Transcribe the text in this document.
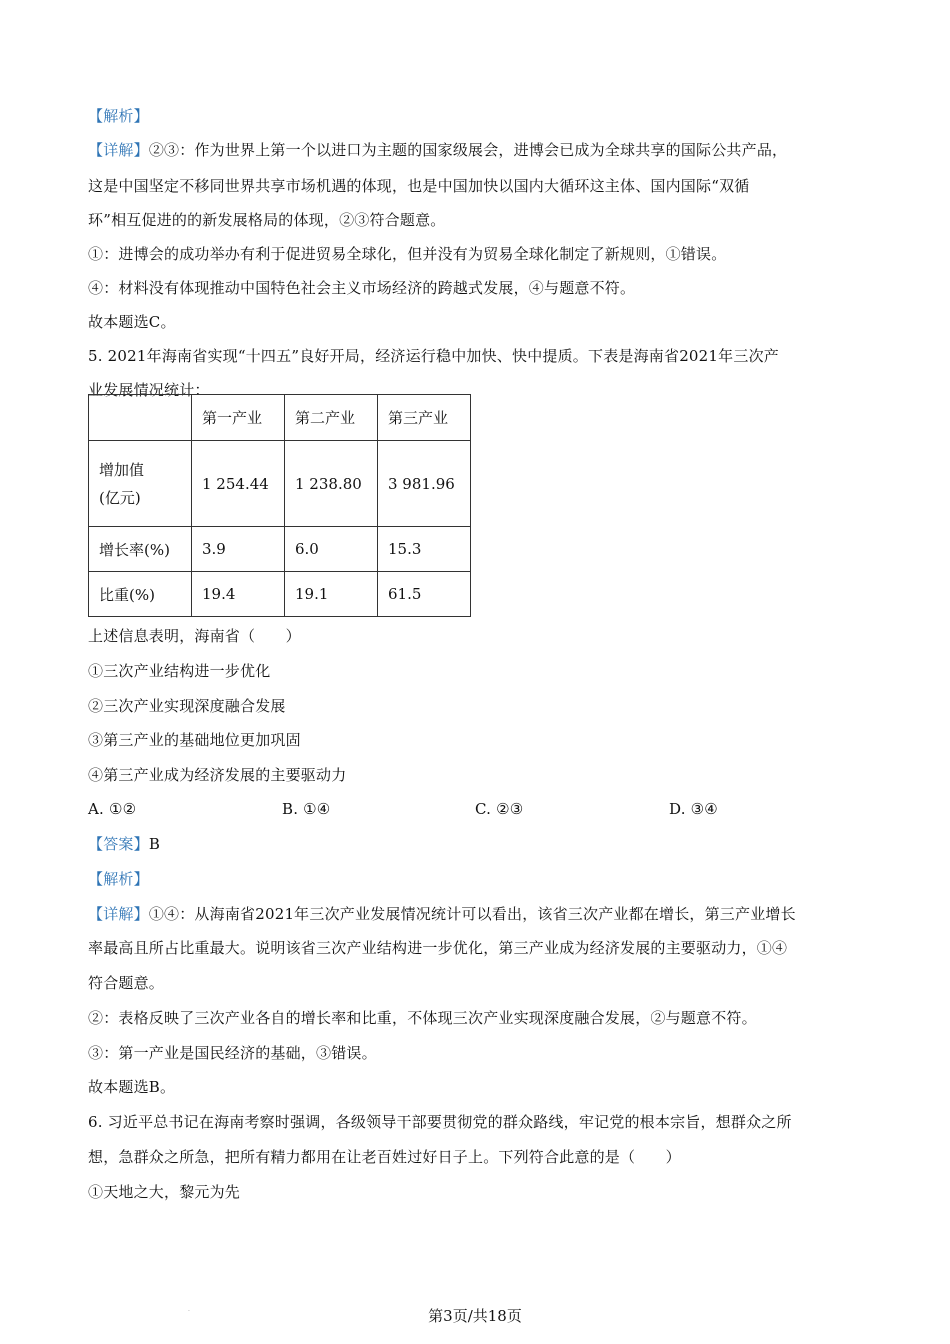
【解析】
【详解】②③：作为世界上第一个以进口为主题的国家级展会，进博会已成为全球共享的国际公共产品，
这是中国坚定不移同世界共享市场机遇的体现，也是中国加快以国内大循环这主体、国内国际“双循
环”相互促进的的新发展格局的体现，②③符合题意。
①：进博会的成功举办有利于促进贸易全球化，但并没有为贸易全球化制定了新规则，①错误。
④：材料没有体现推动中国特色社会主义市场经济的跨越式发展，④与题意不符。
故本题选C。
5. 2021年海南省实现“十四五”良好开局，经济运行稳中加快、快中提质。下表是海南省2021年三次产
业发展情况统计：
	第一产业	第二产业	第三产业

增加值
(亿元)	1 254.44	1 238.80	3 981.96
增长率(%)	3.9	6.0	15.3
比重(%)	19.4	19.1	61.5
上述信息表明，海南省（　　）
①三次产业结构进一步优化
②三次产业实现深度融合发展
③第三产业的基础地位更加巩固
④第三产业成为经济发展的主要驱动力
A. ①②	B. ①④	C. ②③	D. ③④
【答案】B
【解析】
【详解】①④：从海南省2021年三次产业发展情况统计可以看出，该省三次产业都在增长，第三产业增长
率最高且所占比重最大。说明该省三次产业结构进一步优化，第三产业成为经济发展的主要驱动力，①④
符合题意。
②：表格反映了三次产业各自的增长率和比重，不体现三次产业实现深度融合发展，②与题意不符。
③：第一产业是国民经济的基础，③错误。
故本题选B。
6. 习近平总书记在海南考察时强调，各级领导干部要贯彻党的群众路线，牢记党的根本宗旨，想群众之所
想，急群众之所急，把所有精力都用在让老百姓过好日子上。下列符合此意的是（　　）
①天地之大，黎元为先
.	第3页/共18页
